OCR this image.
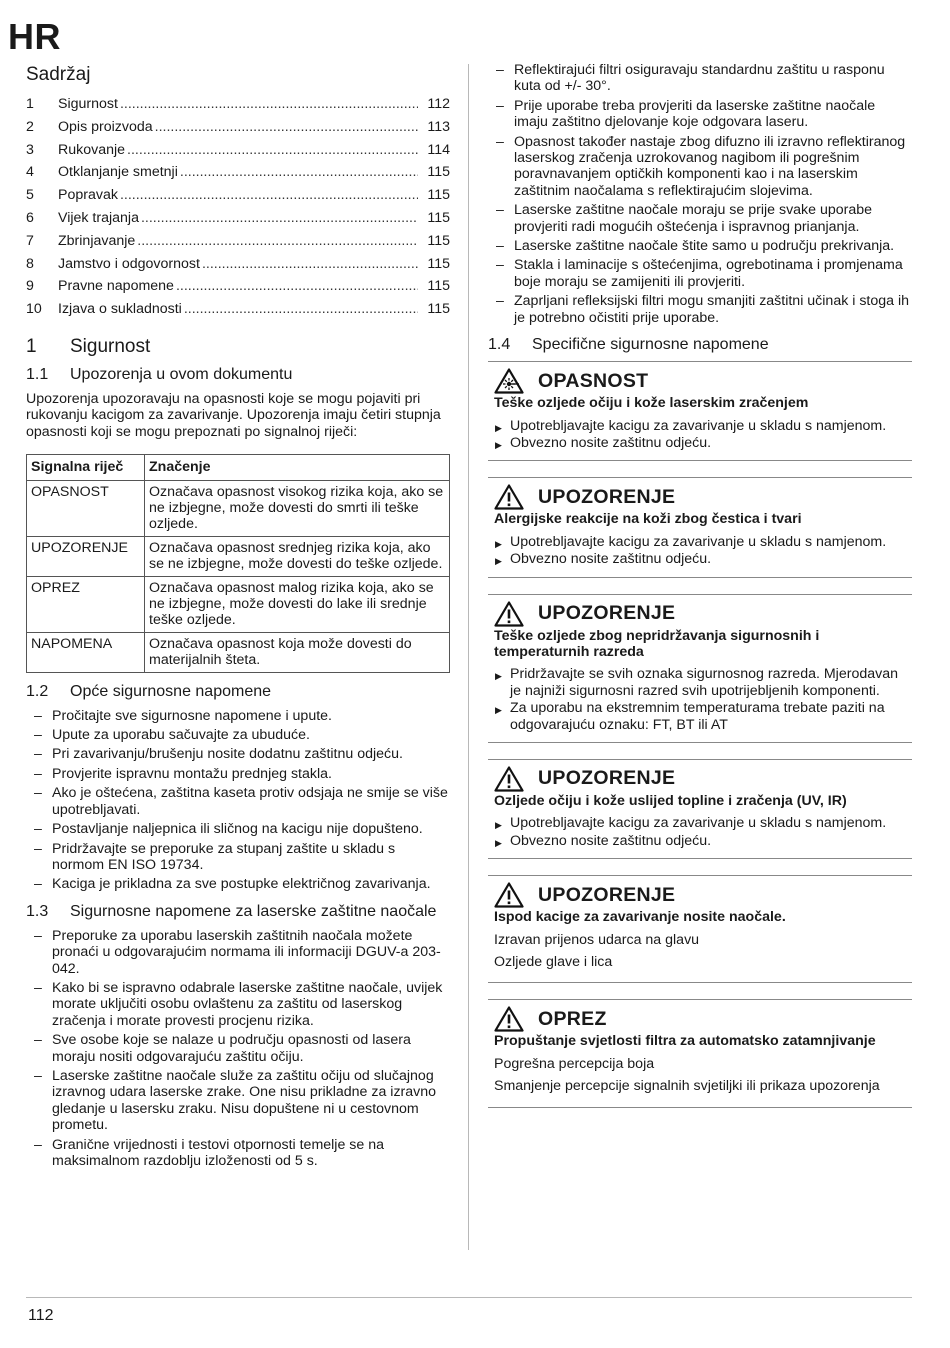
HR
Sadržaj
1	Sigurnost .....	112
2	Opis proizvoda .....	113
3	Rukovanje .....	114
4	Otklanjanje smetnji .....	115
5	Popravak .....	115
6	Vijek trajanja .....	115
7	Zbrinjavanje .....	115
8	Jamstvo i odgovornost .....	115
9	Pravne napomene .....	115
10	Izjava o sukladnosti .....	115
1	Sigurnost
1.1	Upozorenja u ovom dokumentu

Upozorenja upozoravaju na opasnosti koje se mogu pojaviti pri rukovanju kacigom za zavarivanje. Upozorenja imaju četiri stupnja opasnosti koji se mogu prepoznati po signalnoj riječi:

Signalna riječ	Značenje
OPASNOST	Označava opasnost visokog rizika koja, ako se ne izbjegne, može dovesti do smrti ili teške ozljede.
UPOZORENJE	Označava opasnost srednjeg rizika koja, ako se ne izbjegne, može dovesti do teške ozljede.
OPREZ	Označava opasnost malog rizika koja, ako se ne izbjegne, može dovesti do lake ili srednje teške ozljede.
NAPOMENA	Označava opasnost koja može dovesti do materijalnih šteta.
1.2	Opće sigurnosne napomene
– Pročitajte sve sigurnosne napomene i upute.
– Upute za uporabu sačuvajte za ubuduće.
– Pri zavarivanju/brušenju nosite dodatnu zaštitnu odjeću.
– Provjerite ispravnu montažu prednjeg stakla.
– Ako je oštećena, zaštitna kaseta protiv odsjaja ne smije se više upotrebljavati.
– Postavljanje naljepnica ili sličnog na kacigu nije dopušteno.
– Pridržavajte se preporuke za stupanj zaštite u skladu s normom EN ISO 19734.
– Kaciga je prikladna za sve postupke električnog zavarivanja.
1.3	Sigurnosne napomene za laserske zaštitne naočale
– Preporuke za uporabu laserskih zaštitnih naočala možete pronaći u odgovarajućim normama ili informaciji DGUV-a 203-042.
– Kako bi se ispravno odabrale laserske zaštitne naočale, uvijek morate uključiti osobu ovlaštenu za zaštitu od laserskog zračenja i morate provesti procjenu rizika.
– Sve osobe koje se nalaze u području opasnosti od lasera moraju nositi odgovarajuću zaštitu očiju.
– Laserske zaštitne naočale služe za zaštitu očiju od slučajnog izravnog udara laserske zrake. One nisu prikladne za izravno gledanje u lasersku zraku. Nisu dopuštene ni u cestovnom prometu.
– Granične vrijednosti i testovi otpornosti temelje se na maksimalnom razdoblju izloženosti od 5 s.
– Reflektirajući filtri osiguravaju standardnu zaštitu u rasponu kuta od +/- 30°.
– Prije uporabe treba provjeriti da laserske zaštitne naočale imaju zaštitno djelovanje koje odgovara laseru.
– Opasnost također nastaje zbog difuzno ili izravno reflektiranog laserskog zračenja uzrokovanog nagibom ili pogrešnim poravnavanjem optičkih komponenti kao i na laserskim zaštitnim naočalama s reflektirajućim slojevima.
– Laserske zaštitne naočale moraju se prije svake uporabe provjeriti radi mogućih oštećenja i ispravnog prianjanja.
– Laserske zaštitne naočale štite samo u području prekrivanja.
– Stakla i laminacije s oštećenjima, ogrebotinama i promjenama boje moraju se zamijeniti ili provjeriti.
– Zaprljani refleksijski filtri mogu smanjiti zaštitni učinak i stoga ih je potrebno očistiti prije uporabe.
1.4	Specifične sigurnosne napomene
OPASNOST
Teške ozljede očiju i kože laserskim zračenjem
▶ Upotrebljavajte kacigu za zavarivanje u skladu s namjenom.
▶ Obvezno nosite zaštitnu odjeću.
UPOZORENJE
Alergijske reakcije na koži zbog čestica i tvari
▶ Upotrebljavajte kacigu za zavarivanje u skladu s namjenom.
▶ Obvezno nosite zaštitnu odjeću.
UPOZORENJE
Teške ozljede zbog nepridržavanja sigurnosnih i temperaturnih razreda
▶ Pridržavajte se svih oznaka sigurnosnog razreda. Mjerodavan je najniži sigurnosni razred svih upotrijebljenih komponenti.
▶ Za uporabu na ekstremnim temperaturama trebate paziti na odgovarajuću oznaku: FT, BT ili AT
UPOZORENJE
Ozljede očiju i kože uslijed topline i zračenja (UV, IR)
▶ Upotrebljavajte kacigu za zavarivanje u skladu s namjenom.
▶ Obvezno nosite zaštitnu odjeću.
UPOZORENJE
Ispod kacige za zavarivanje nosite naočale.
Izravan prijenos udarca na glavu
Ozljede glave i lica
OPREZ
Propuštanje svjetlosti filtra za automatsko zatamnjivanje
Pogrešna percepcija boja
Smanjenje percepcije signalnih svjetiljki ili prikaza upozorenja
112
